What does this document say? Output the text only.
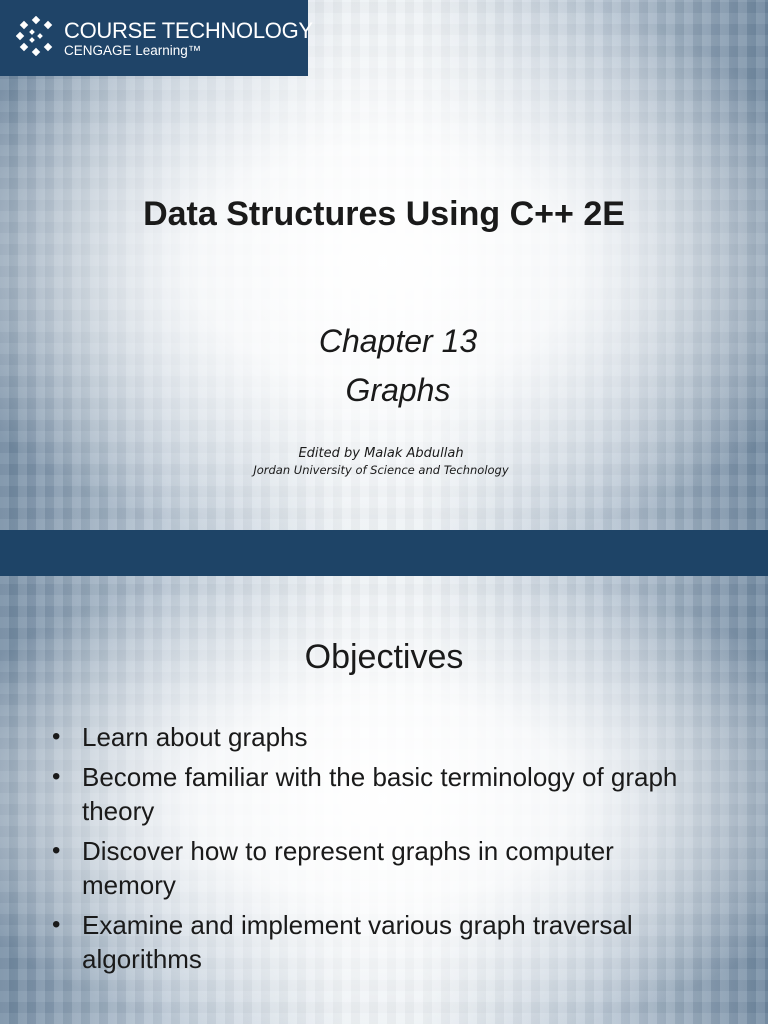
COURSE TECHNOLOGY
CENGAGE Learning™
Data Structures Using C++ 2E
Chapter 13
Graphs
Edited by Malak Abdullah
Jordan University of Science and Technology
Objectives
• Learn about graphs
• Become familiar with the basic terminology of graph theory
• Discover how to represent graphs in computer memory
• Examine and implement various graph traversal algorithms
